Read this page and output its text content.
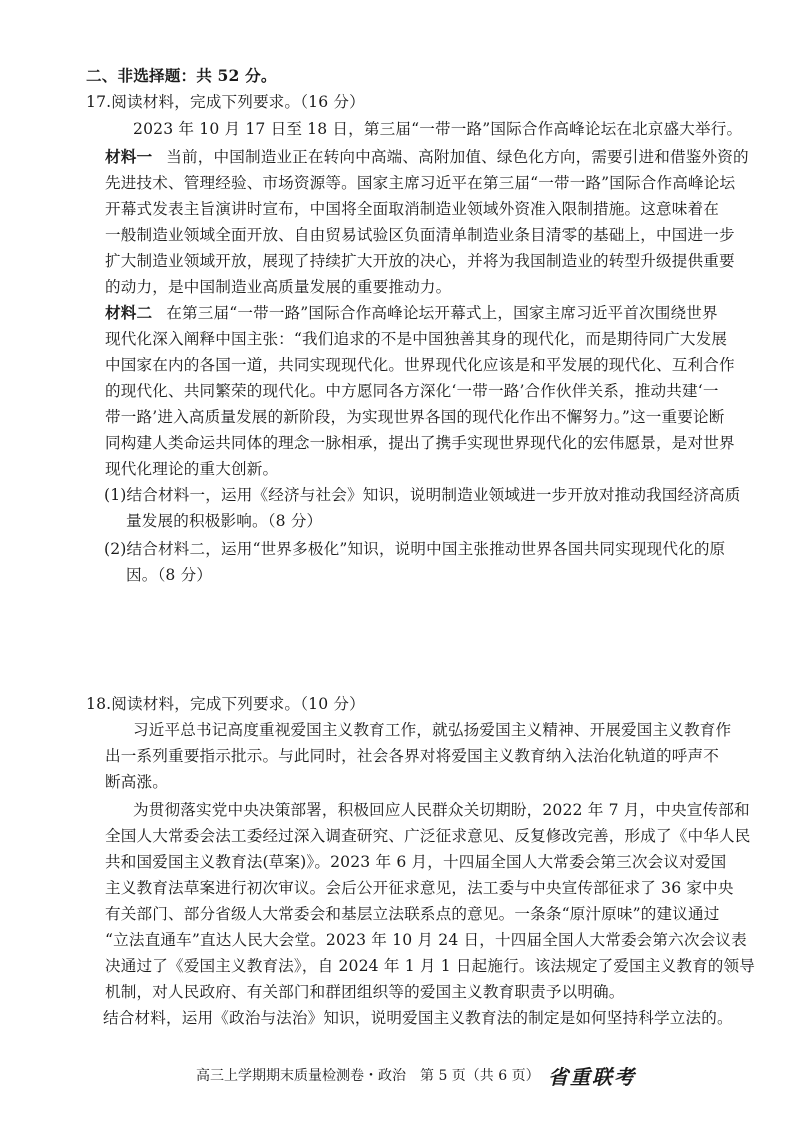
二、非选择题：共 52 分。
17.阅读材料，完成下列要求。（16 分）
2023 年 10 月 17 日至 18 日，第三届“一带一路”国际合作高峰论坛在北京盛大举行。
材料一 当前，中国制造业正在转向中高端、高附加值、绿色化方向，需要引进和借鉴外资的
先进技术、管理经验、市场资源等。国家主席习近平在第三届“一带一路”国际合作高峰论坛
开幕式发表主旨演讲时宣布，中国将全面取消制造业领域外资准入限制措施。这意味着在
一般制造业领域全面开放、自由贸易试验区负面清单制造业条目清零的基础上，中国进一步
扩大制造业领域开放，展现了持续扩大开放的决心，并将为我国制造业的转型升级提供重要
的动力，是中国制造业高质量发展的重要推动力。
材料二 在第三届“一带一路”国际合作高峰论坛开幕式上，国家主席习近平首次围绕世界
现代化深入阐释中国主张：“我们追求的不是中国独善其身的现代化，而是期待同广大发展
中国家在内的各国一道，共同实现现代化。世界现代化应该是和平发展的现代化、互利合作
的现代化、共同繁荣的现代化。中方愿同各方深化‘一带一路’合作伙伴关系，推动共建‘一
带一路’进入高质量发展的新阶段，为实现世界各国的现代化作出不懈努力。”这一重要论断
同构建人类命运共同体的理念一脉相承，提出了携手实现世界现代化的宏伟愿景，是对世界
现代化理论的重大创新。
(1)结合材料一，运用《经济与社会》知识，说明制造业领域进一步开放对推动我国经济高质
量发展的积极影响。（8 分）
(2)结合材料二，运用“世界多极化”知识，说明中国主张推动世界各国共同实现现代化的原
因。（8 分）
18.阅读材料，完成下列要求。（10 分）
习近平总书记高度重视爱国主义教育工作，就弘扬爱国主义精神、开展爱国主义教育作
出一系列重要指示批示。与此同时，社会各界对将爱国主义教育纳入法治化轨道的呼声不
断高涨。
为贯彻落实党中央决策部署，积极回应人民群众关切期盼，2022 年 7 月，中央宣传部和
全国人大常委会法工委经过深入调查研究、广泛征求意见、反复修改完善，形成了《中华人民
共和国爱国主义教育法(草案)》。2023 年 6 月，十四届全国人大常委会第三次会议对爱国
主义教育法草案进行初次审议。会后公开征求意见，法工委与中央宣传部征求了 36 家中央
有关部门、部分省级人大常委会和基层立法联系点的意见。一条条“原汁原味”的建议通过
“立法直通车”直达人民大会堂。2023 年 10 月 24 日，十四届全国人大常委会第六次会议表
决通过了《爱国主义教育法》，自 2024 年 1 月 1 日起施行。该法规定了爱国主义教育的领导
机制，对人民政府、有关部门和群团组织等的爱国主义教育职责予以明确。
结合材料，运用《政治与法治》知识，说明爱国主义教育法的制定是如何坚持科学立法的。
高三上学期期末质量检测卷・政治　第 5 页（共 6 页） 省重联考
